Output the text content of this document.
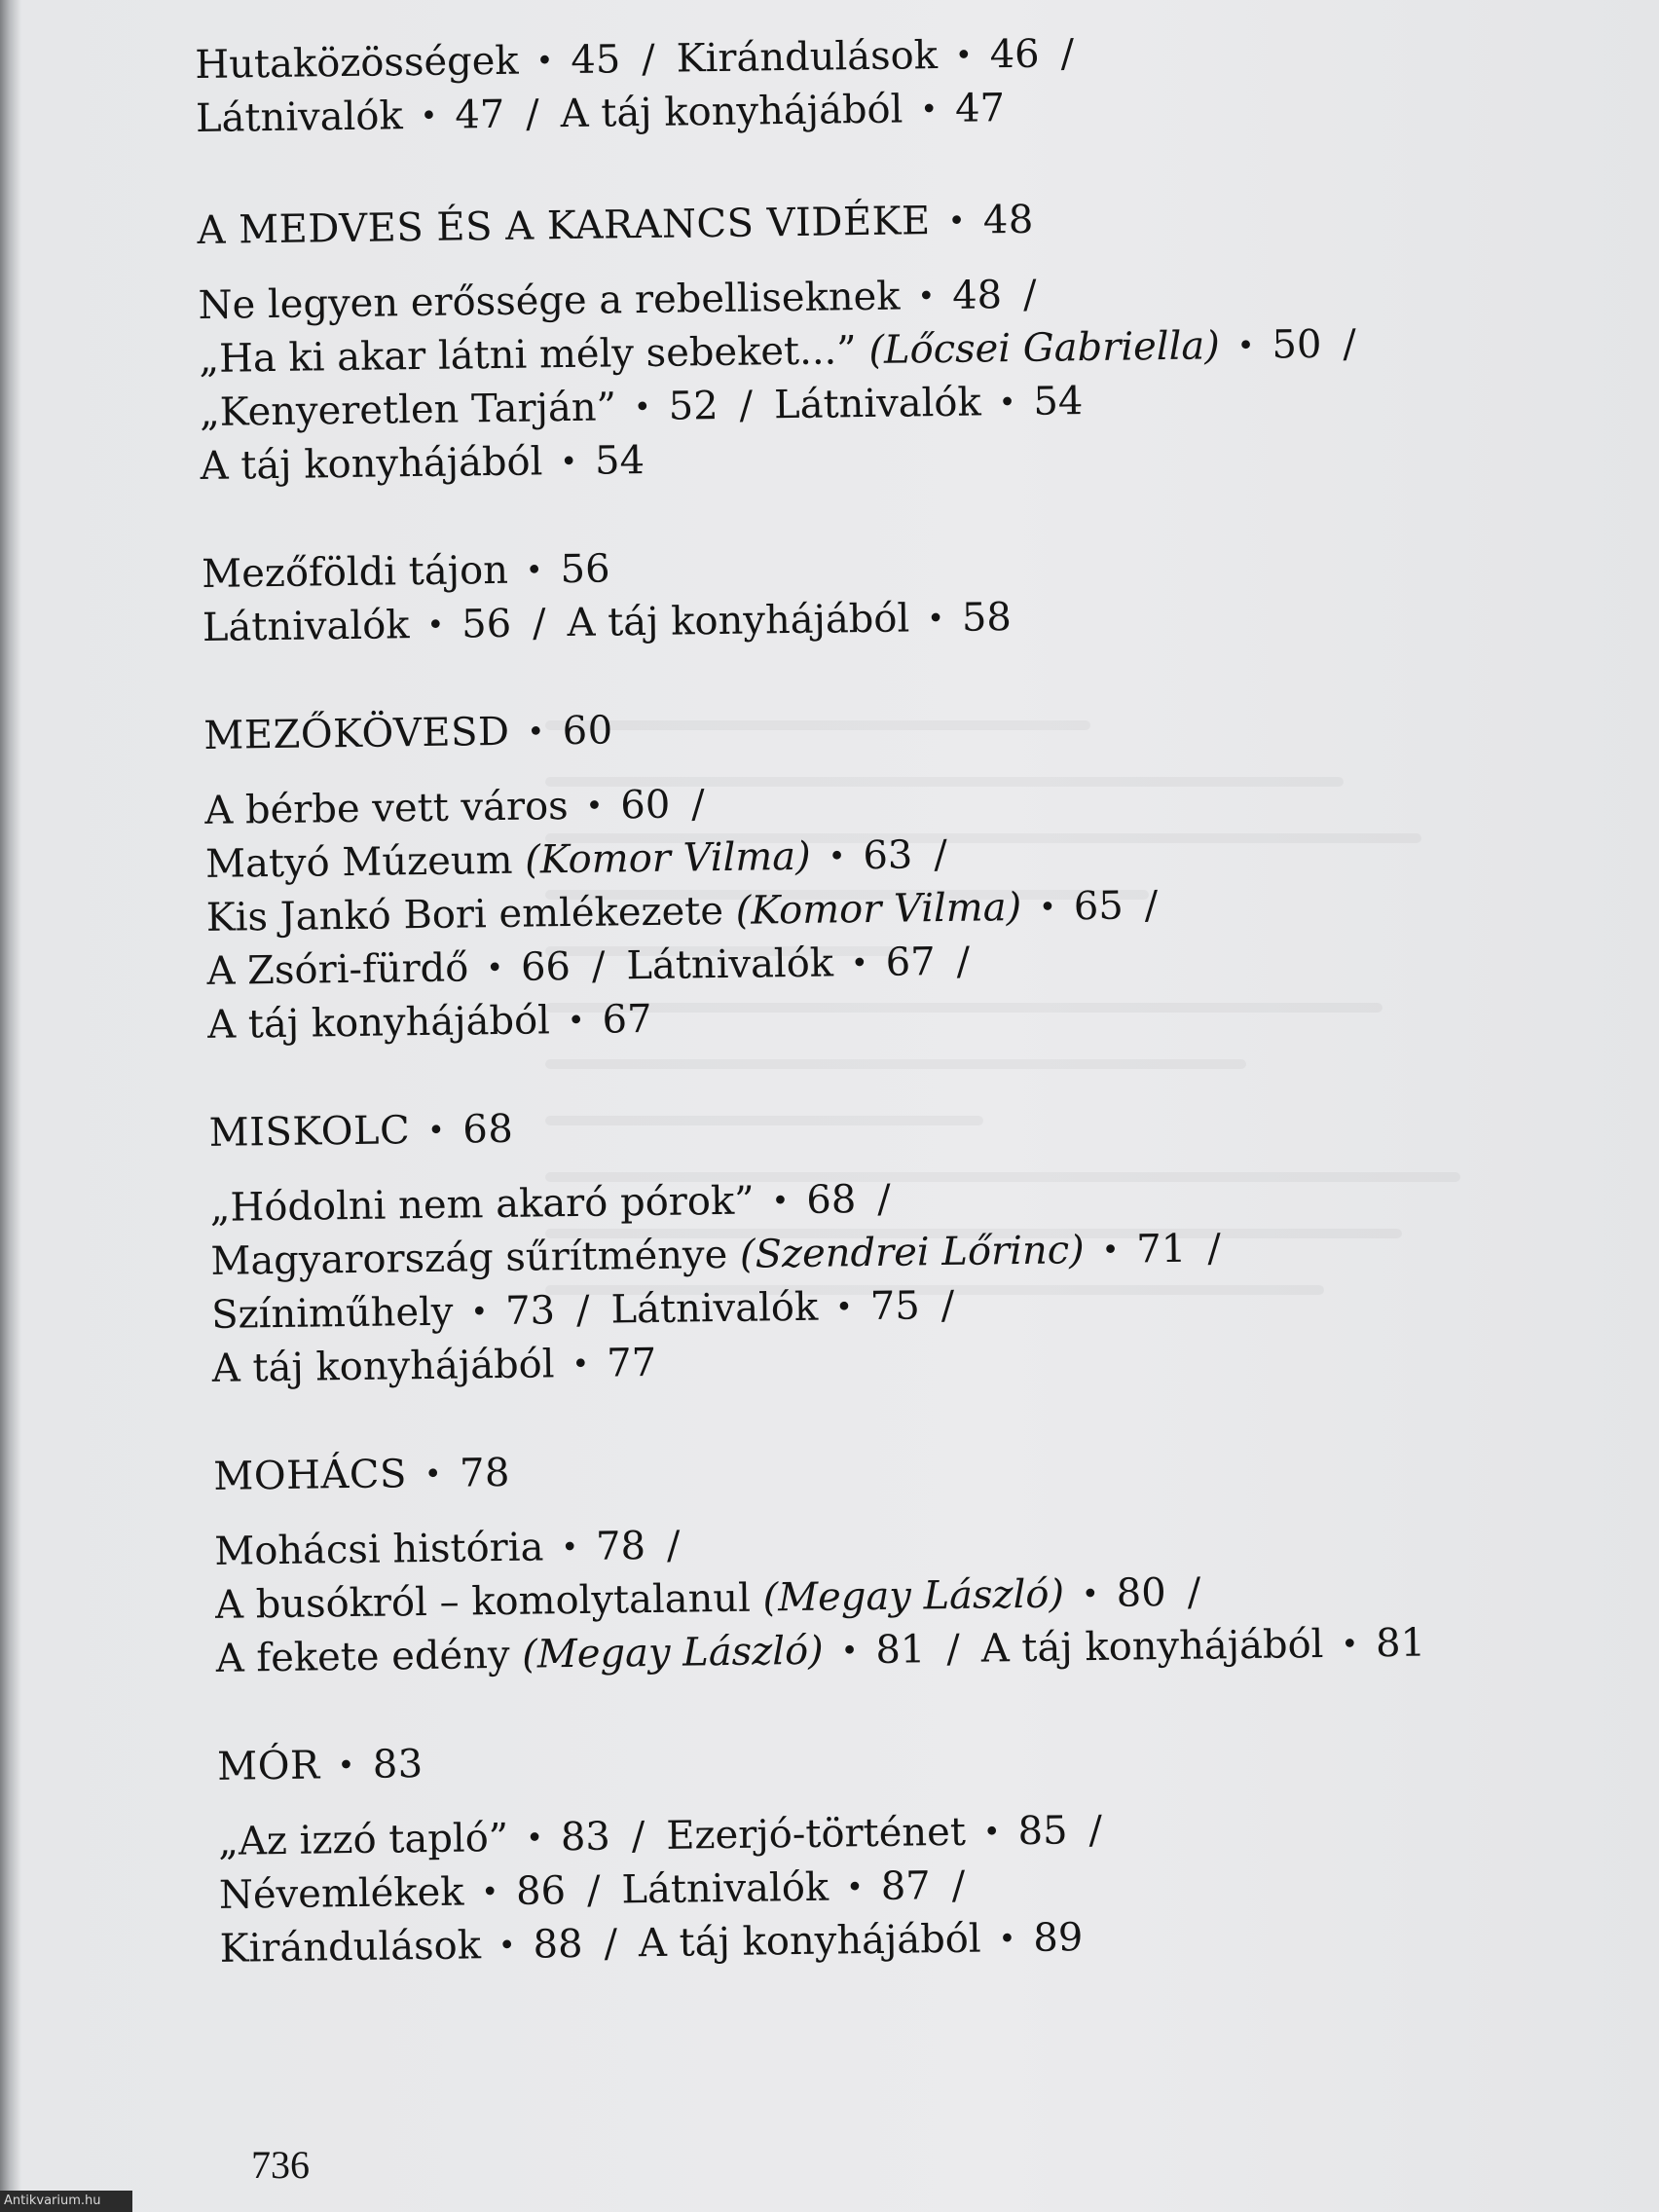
Hutaközösségek • 45 / Kirándulások • 46 /
Látnivalók • 47 / A táj konyhájából • 47
A MEDVES ÉS A KARANCS VIDÉKE • 48
Ne legyen erőssége a rebelliseknek • 48 /
„Ha ki akar látni mély sebeket...” (Lőcsei Gabriella) • 50 /
„Kenyeretlen Tarján” • 52 / Látnivalók • 54
A táj konyhájából • 54
Mezőföldi tájon • 56
Látnivalók • 56 / A táj konyhájából • 58
MEZŐKÖVESD • 60
A bérbe vett város • 60 /
Matyó Múzeum (Komor Vilma) • 63 /
Kis Jankó Bori emlékezete (Komor Vilma) • 65 /
A Zsóri-fürdő • 66 / Látnivalók • 67 /
A táj konyhájából • 67
MISKOLC • 68
„Hódolni nem akaró pórok” • 68 /
Magyarország sűrítménye (Szendrei Lőrinc) • 71 /
Színiműhely • 73 / Látnivalók • 75 /
A táj konyhájából • 77
MOHÁCS • 78
Mohácsi história • 78 /
A busókról – komolytalanul (Megay László) • 80 /
A fekete edény (Megay László) • 81 / A táj konyhájából • 81
MÓR • 83
„Az izzó tapló” • 83 / Ezerjó-történet • 85 /
Névemlékek • 86 / Látnivalók • 87 /
Kirándulások • 88 / A táj konyhájából • 89
736
Antikvarium.hu
